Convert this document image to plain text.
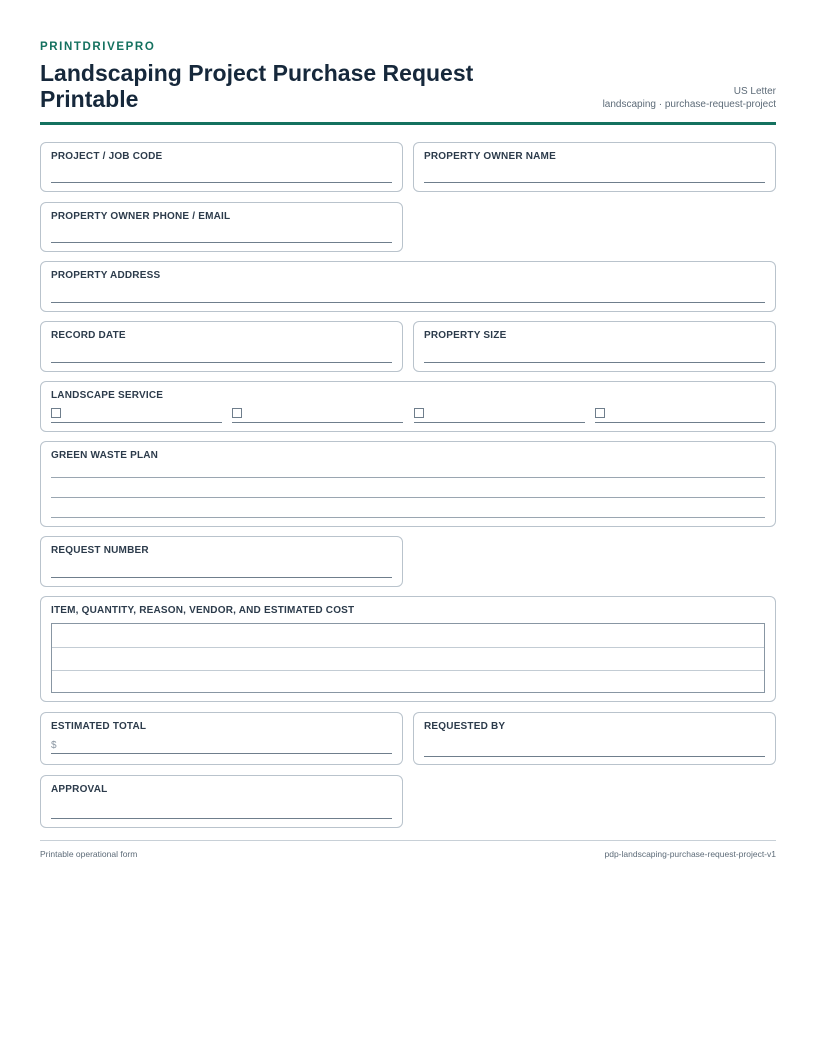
PRINTDRIVEPRO
Landscaping Project Purchase Request Printable	US Letter
landscaping · purchase-request-project
PROJECT / JOB CODE	PROPERTY OWNER NAME
PROPERTY OWNER PHONE / EMAIL
PROPERTY ADDRESS
RECORD DATE	PROPERTY SIZE
LANDSCAPE SERVICE
GREEN WASTE PLAN
REQUEST NUMBER
ITEM, QUANTITY, REASON, VENDOR, AND ESTIMATED COST
ESTIMATED TOTAL
$
REQUESTED BY
APPROVAL
Printable operational form	pdp-landscaping-purchase-request-project-v1
